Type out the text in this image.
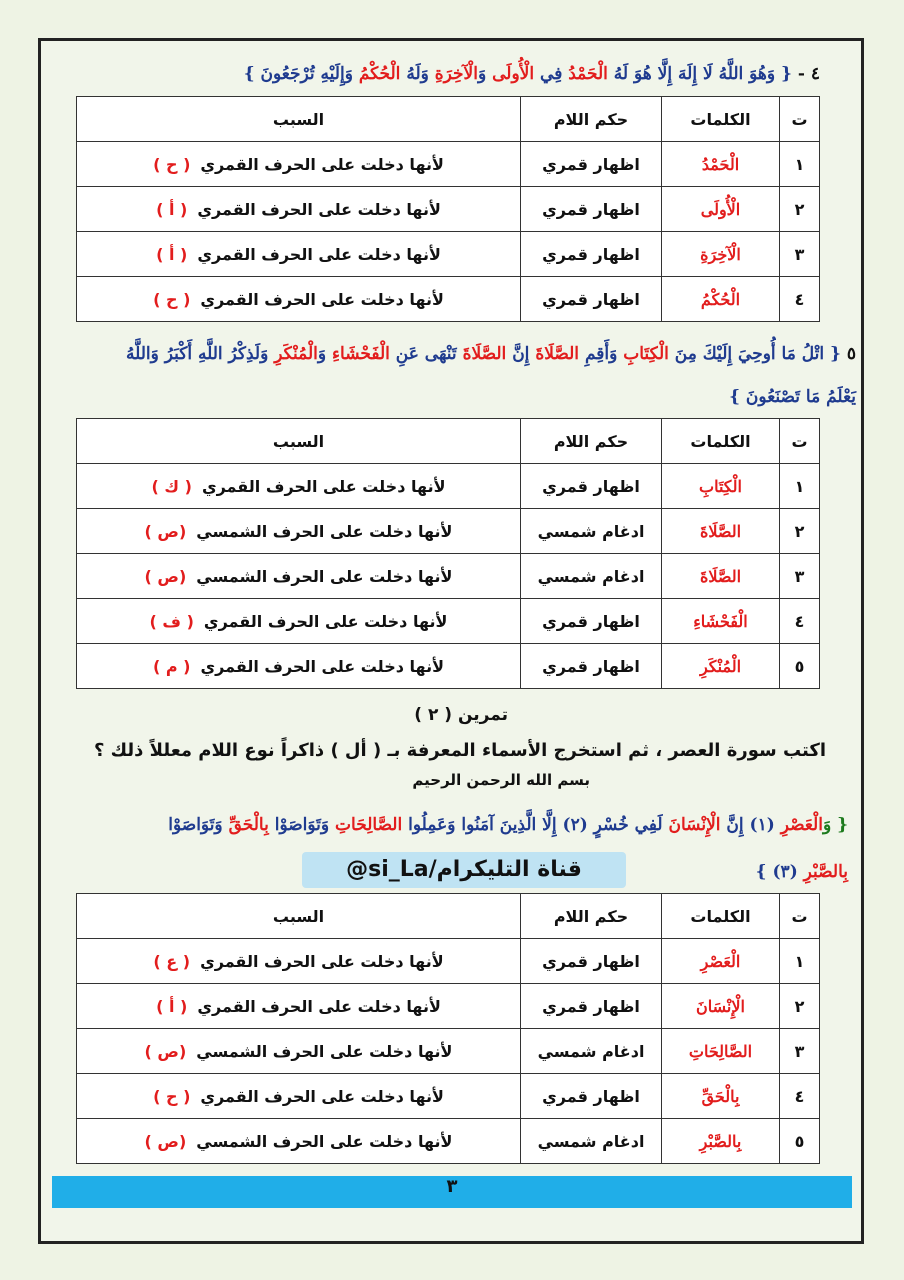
٤ - { وَهُوَ اللَّهُ لَا إِلَهَ إِلَّا هُوَ لَهُ الْحَمْدُ فِي الْأُولَى وَالْآخِرَةِ وَلَهُ الْحُكْمُ وَإِلَيْهِ تُرْجَعُونَ }
ت	الكلمات	حكم اللام	السبب
١	الْحَمْدُ	اظهار قمري	لأنها دخلت على الحرف القمري( ح )
٢	الْأُولَى	اظهار قمري	لأنها دخلت على الحرف القمري( أ )
٣	الْآخِرَةِ	اظهار قمري	لأنها دخلت على الحرف القمري( أ )
٤	الْحُكْمُ	اظهار قمري	لأنها دخلت على الحرف القمري( ح )
٥ { اتْلُ مَا أُوحِيَ إِلَيْكَ مِنَ الْكِتَابِ وَأَقِمِ الصَّلَاةَ إِنَّ الصَّلَاةَ تَنْهَى عَنِ الْفَحْشَاءِ وَالْمُنْكَرِ وَلَذِكْرُ اللَّهِ أَكْبَرُ وَاللَّهُ
يَعْلَمُ مَا تَصْنَعُونَ }
ت	الكلمات	حكم اللام	السبب
١	الْكِتَابِ	اظهار قمري	لأنها دخلت على الحرف القمري( ك )
٢	الصَّلَاةَ	ادغام شمسي	لأنها دخلت على الحرف الشمسي(ص )
٣	الصَّلَاةَ	ادغام شمسي	لأنها دخلت على الحرف الشمسي(ص )
٤	الْفَحْشَاءِ	اظهار قمري	لأنها دخلت على الحرف القمري( ف )
٥	الْمُنْكَرِ	اظهار قمري	لأنها دخلت على الحرف القمري( م )
تمرين ( ٢ )
اكتب سورة العصر ، ثم استخرج الأسماء المعرفة بـ ( أل ) ذاكراً نوع اللام معللاً ذلك ؟
بسم الله الرحمن الرحيم
{ وَالْعَصْرِ (١) إِنَّ الْإِنْسَانَ لَفِي خُسْرٍ (٢) إِلَّا الَّذِينَ آمَنُوا وَعَمِلُوا الصَّالِحَاتِ وَتَوَاصَوْا بِالْحَقِّ وَتَوَاصَوْا
بِالصَّبْرِ (٣) }
@si_La/قناة التليكرام
ت	الكلمات	حكم اللام	السبب
١	الْعَصْرِ	اظهار قمري	لأنها دخلت على الحرف القمري( ع )
٢	الْإِنْسَانَ	اظهار قمري	لأنها دخلت على الحرف القمري( أ )
٣	الصَّالِحَاتِ	ادغام شمسي	لأنها دخلت على الحرف الشمسي(ص )
٤	بِالْحَقِّ	اظهار قمري	لأنها دخلت على الحرف القمري( ح )
٥	بِالصَّبْرِ	ادغام شمسي	لأنها دخلت على الحرف الشمسي(ص )
٣
